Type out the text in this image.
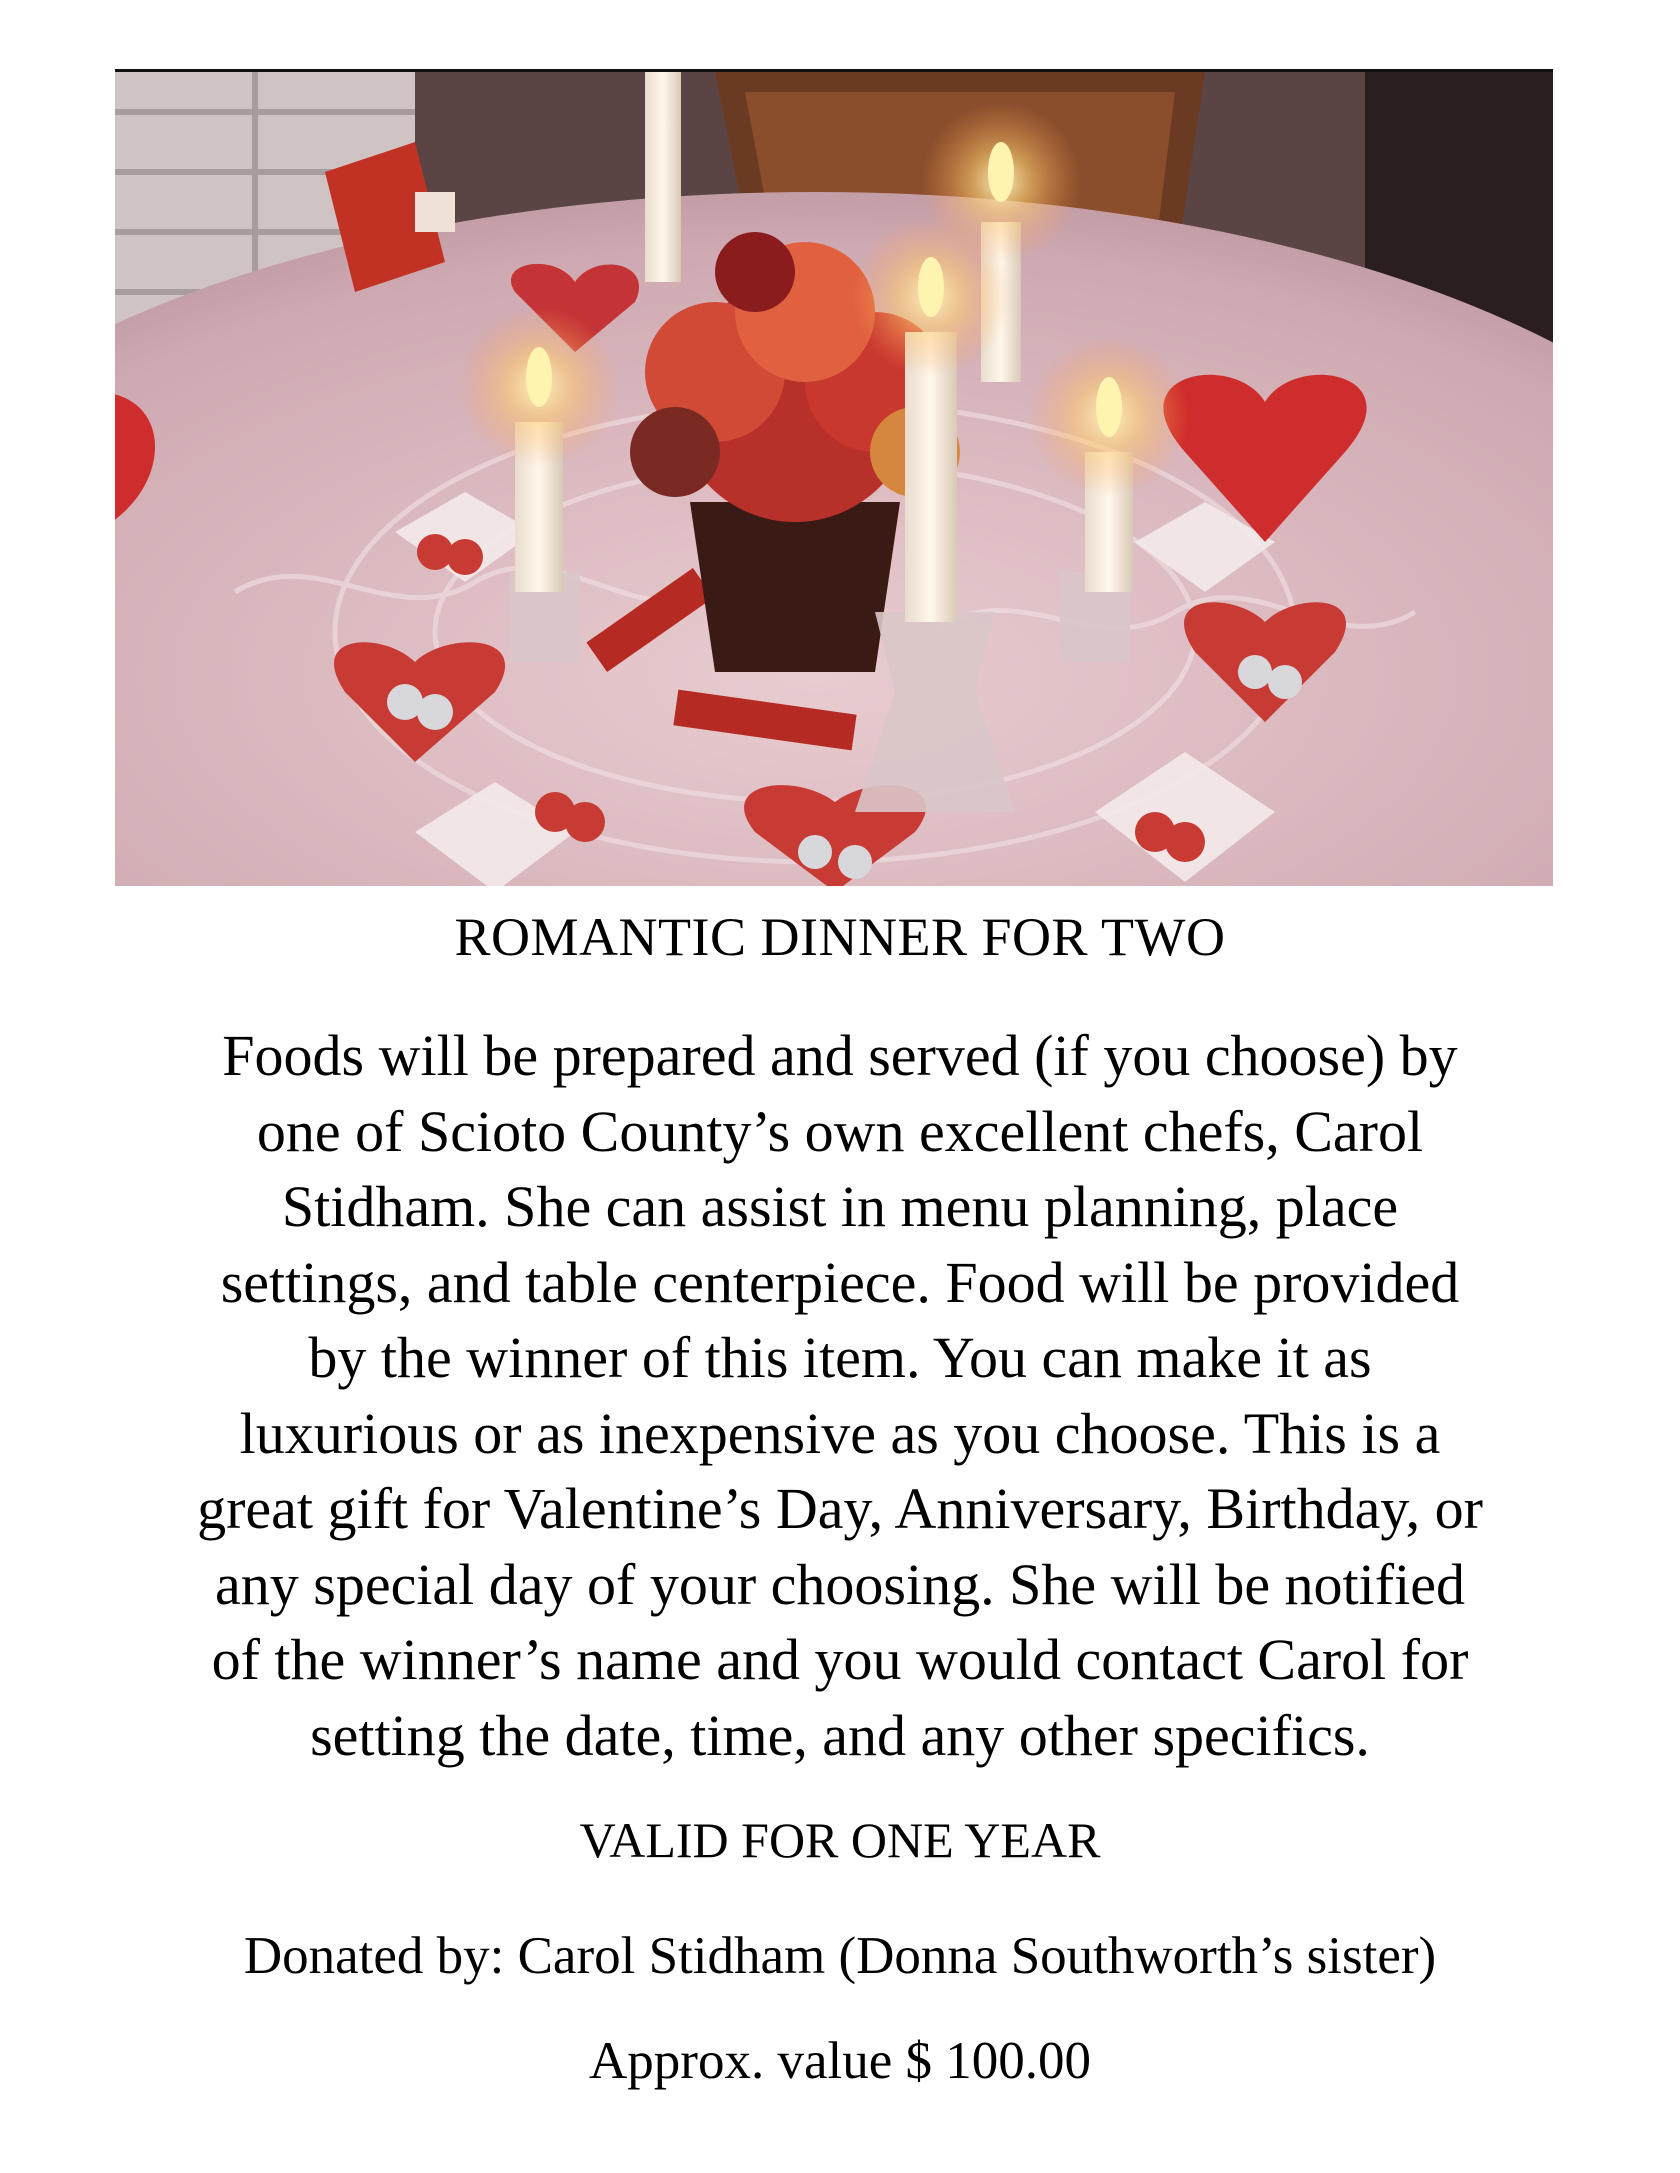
ROMANTIC DINNER FOR TWO
Foods will be prepared and served (if you choose) by
one of Scioto County’s own excellent chefs, Carol
Stidham. She can assist in menu planning, place
settings, and table centerpiece. Food will be provided
by the winner of this item. You can make it as
luxurious or as inexpensive as you choose. This is a
great gift for Valentine’s Day, Anniversary, Birthday, or
any special day of your choosing. She will be notified
of the winner’s name and you would contact Carol for
setting the date, time, and any other specifics.
VALID FOR ONE YEAR
Donated by: Carol Stidham (Donna Southworth’s sister)
Approx. value $ 100.00
